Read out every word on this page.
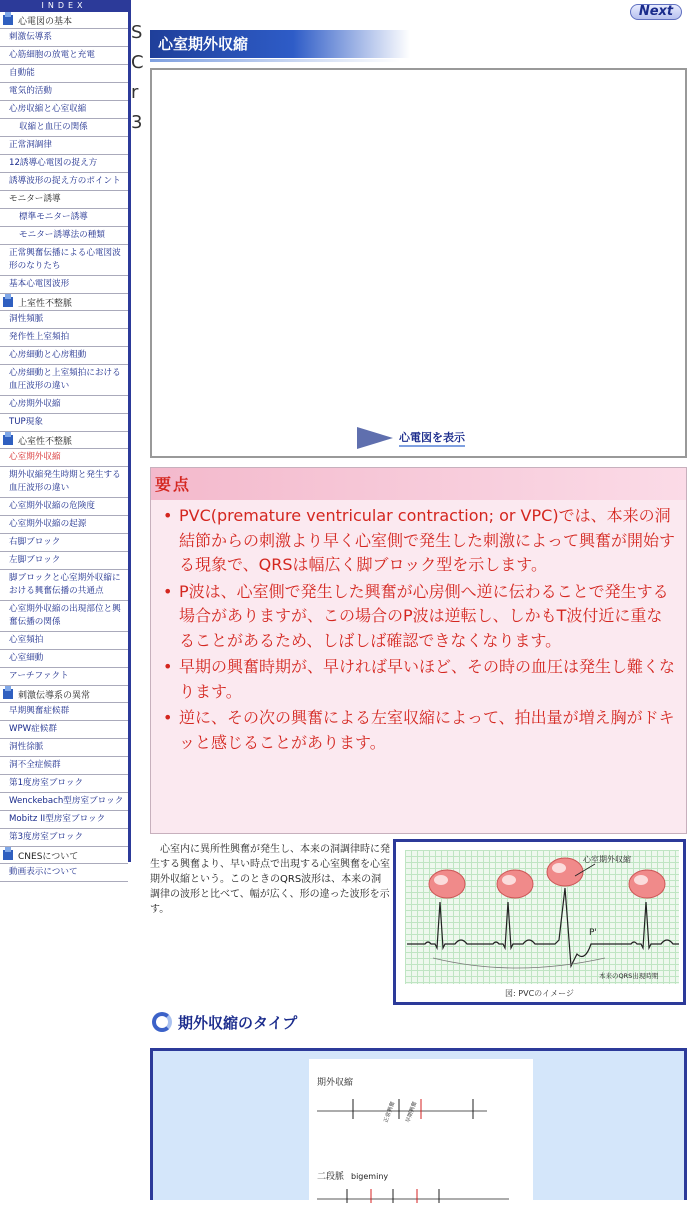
INDEX
心電図の基本
刺激伝導系
心筋細胞の放電と充電
自動能
電気的活動
心房収縮と心室収縮
収縮と血圧の関係
正常洞調律
12誘導心電図の捉え方
誘導波形の捉え方のポイント
モニター誘導
標準モニター誘導
モニター誘導法の種類
正常興奮伝播による心電図波形のなりたち
基本心電図波形
上室性不整脈
洞性頻脈
発作性上室頻拍
心房細動と心房粗動
心房細動と上室頻拍における血圧波形の違い
心房期外収縮
TUP現象
心室性不整脈
心室期外収縮
期外収縮発生時期と発生する血圧波形の違い
心室期外収縮の危険度
心室期外収縮の起源
右脚ブロック
左脚ブロック
脚ブロックと心室期外収縮における興奮伝播の共通点
心室期外収縮の出現部位と興奮伝播の関係
心室頻拍
心室細動
アーチファクト
刺激伝導系の異常
早期興奮症候群
WPW症候群
洞性徐脈
洞不全症候群
第1度房室ブロック
Wenckebach型房室ブロック
Mobitz II型房室ブロック
第3度房室ブロック
CNESについて
動画表示について
S
C
r
3
Next
心室期外収縮
心電図を表示
要点
• PVC(premature ventricular contraction; or VPC)では、本来の洞結節からの刺激より早く心室側で発生した刺激によって興奮が開始する現象で、QRSは幅広く脚ブロック型を示します。
• P波は、心室側で発生した興奮が心房側へ逆に伝わることで発生する場合がありますが、この場合のP波は逆転し、しかもT波付近に重なることがあるため、しばしば確認できなくなります。
• 早期の興奮時期が、早ければ早いほど、その時の血圧は発生し難くなります。
• 逆に、その次の興奮による左室収縮によって、拍出量が増え胸がドキッと感じることがあります。

心室内に異所性興奮が発生し、本来の洞調律時に発生する興奮より、早い時点で出現する心室興奮を心室期外収縮という。このときのQRS波形は、本来の洞調律の波形と比べて、幅が広く、形の違った波形を示す。

心室期外収縮
P'
本来のQRS出現時期
図: PVCのイメージ
期外収縮のタイプ
期外収縮
正常興奮	早期興奮
二段脈 bigeminy
